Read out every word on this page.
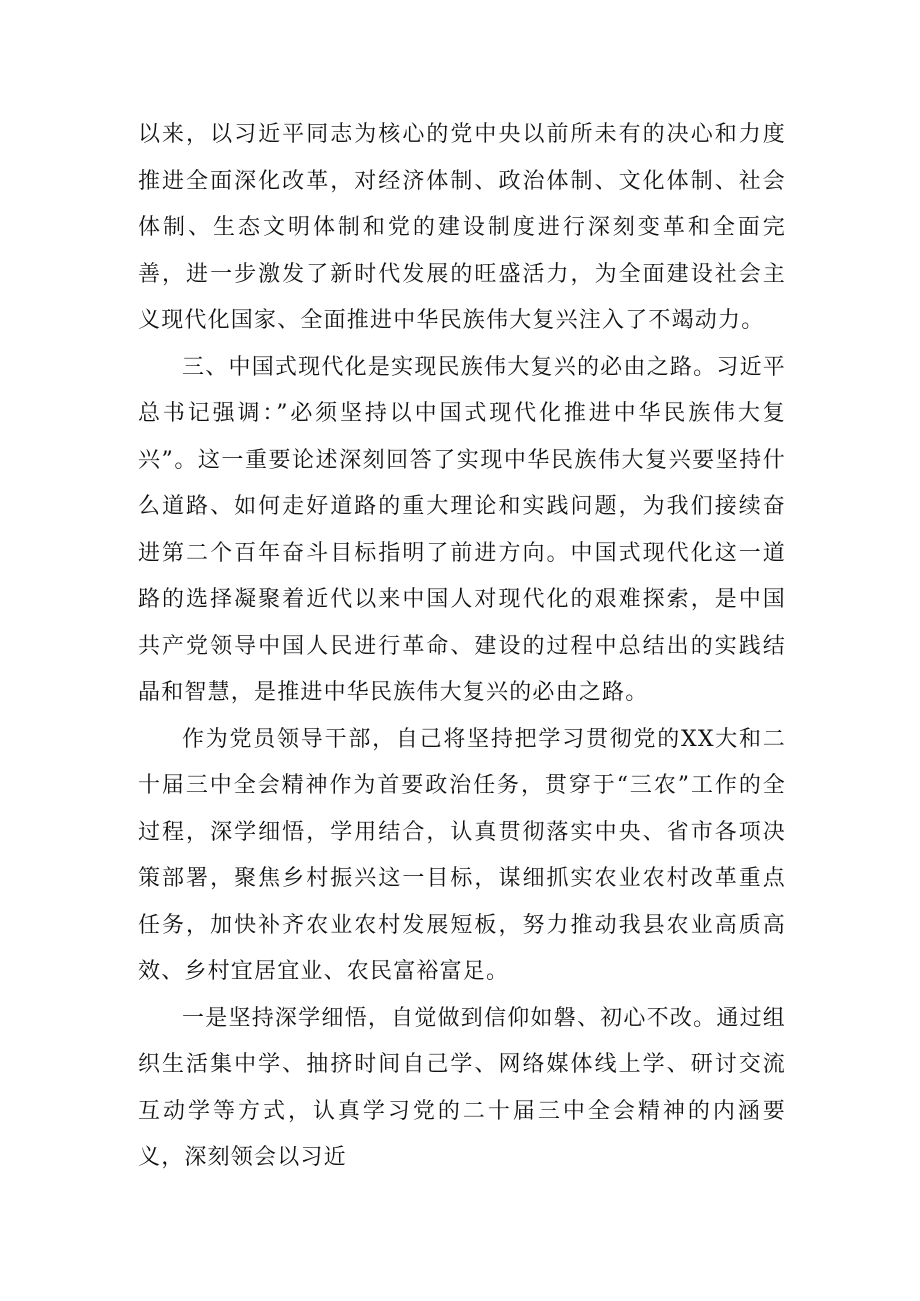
以来，以习近平同志为核心的党中央以前所未有的决心和力度推进全面深化改革，对经济体制、政治体制、文化体制、社会体制、生态文明体制和党的建设制度进行深刻变革和全面完善，进一步激发了新时代发展的旺盛活力，为全面建设社会主义现代化国家、全面推进中华民族伟大复兴注入了不竭动力。

三、中国式现代化是实现民族伟大复兴的必由之路。习近平总书记强调：”必须坚持以中国式现代化推进中华民族伟大复兴”。这一重要论述深刻回答了实现中华民族伟大复兴要坚持什么道路、如何走好道路的重大理论和实践问题，为我们接续奋进第二个百年奋斗目标指明了前进方向。中国式现代化这一道路的选择凝聚着近代以来中国人对现代化的艰难探索，是中国共产党领导中国人民进行革命、建设的过程中总结出的实践结晶和智慧，是推进中华民族伟大复兴的必由之路。

作为党员领导干部，自己将坚持把学习贯彻党的XX大和二十届三中全会精神作为首要政治任务，贯穿于“三农”工作的全过程，深学细悟，学用结合，认真贯彻落实中央、省市各项决策部署，聚焦乡村振兴这一目标，谋细抓实农业农村改革重点任务，加快补齐农业农村发展短板，努力推动我县农业高质高效、乡村宜居宜业、农民富裕富足。

一是坚持深学细悟，自觉做到信仰如磐、初心不改。通过组织生活集中学、抽挤时间自己学、网络媒体线上学、研讨交流互动学等方式，认真学习党的二十届三中全会精神的内涵要义，深刻领会以习近
